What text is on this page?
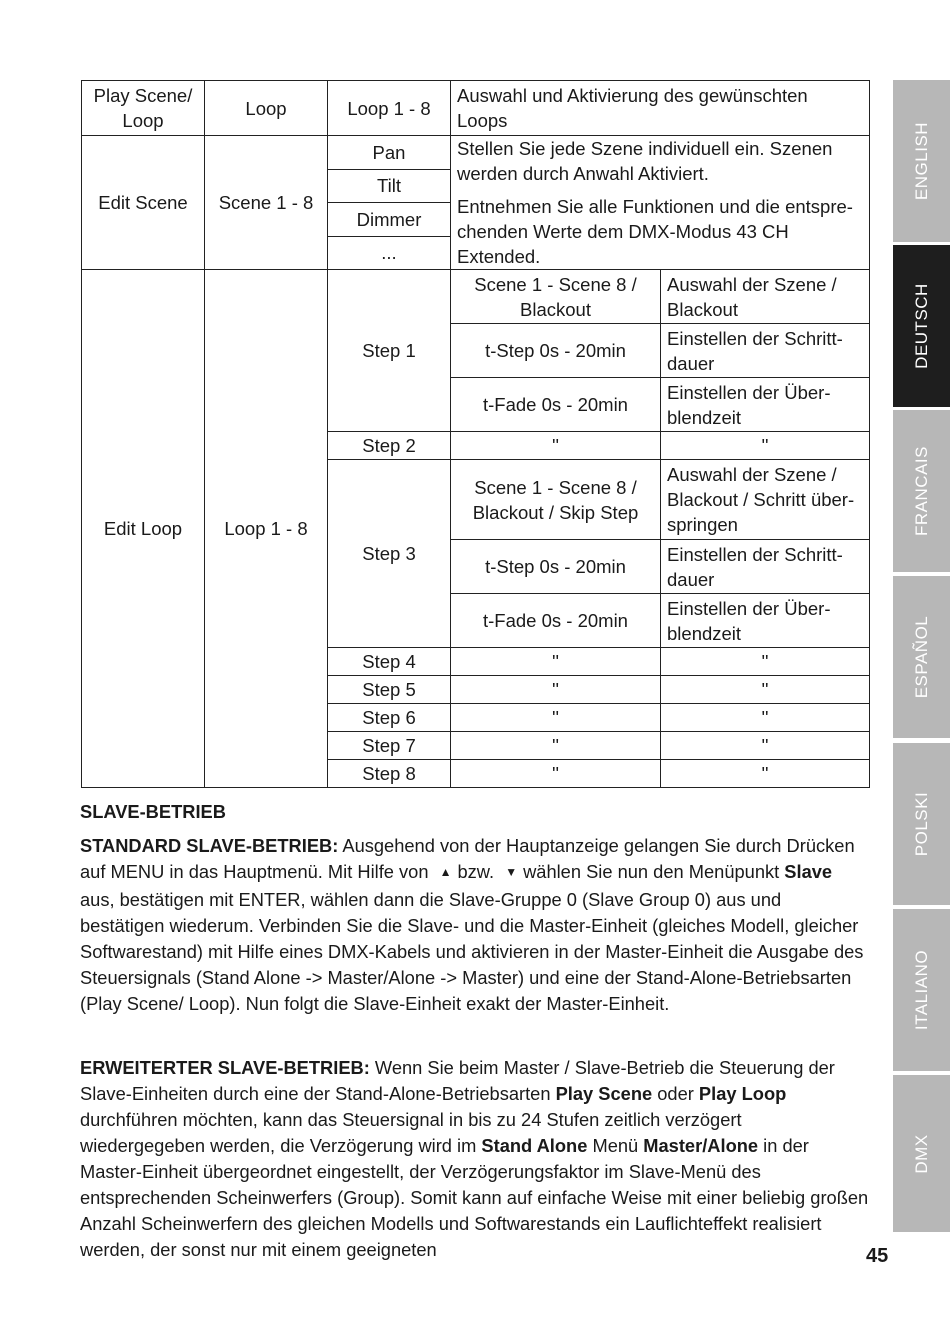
Play Scene/ Loop	Loop	Loop 1 - 8	Auswahl und Aktivierung des gewünschten Loops	
Edit Scene	Scene 1 - 8	Pan	Stellen Sie jede Szene individuell ein. Szenen werden durch Anwahl Aktiviert.
Entnehmen Sie alle Funktionen und die entsprechenden Werte dem DMX-Modus 43 CH Extended.	

		Tilt		
		Dimmer		
		...		
Edit Loop	Loop 1 - 8	Step 1	Scene 1 - Scene 8 / Blackout	Auswahl der Szene / Blackout
			t-Step 0s - 20min	Einstellen der Schrittdauer
			t-Fade 0s - 20min	Einstellen der Überblendzeit
		Step 2	''	''
		Step 3	Scene 1 - Scene 8 / Blackout / Skip Step	Auswahl der Szene / Blackout / Schritt überspringen
			t-Step 0s - 20min	Einstellen der Schrittdauer
			t-Fade 0s - 20min	Einstellen der Überblendzeit
		Step 4	''	''
		Step 5	''	''
		Step 6	''	''
		Step 7	''	''
		Step 8	''	''
SLAVE-BETRIEB

STANDARD SLAVE-BETRIEB: Ausgehend von der Hauptanzeige gelangen Sie durch Drücken auf MENU in das Hauptmenü. Mit Hilfe von ▲ bzw. ▼ wählen Sie nun den Menüpunkt Slave aus, bestätigen mit ENTER, wählen dann die Slave-Gruppe 0 (Slave Group 0) aus und bestätigen wiederum. Verbinden Sie die Slave- und die Master-Einheit (gleiches Modell, gleicher Softwarestand) mit Hilfe eines DMX-Kabels und aktivieren in der Master-Einheit die Ausgabe des Steuersignals (Stand Alone -> Master/Alone -> Master) und eine der Stand-Alone-Betriebsarten (Play Scene/ Loop). Nun folgt die Slave-Einheit exakt der Master-Einheit.

ERWEITERTER SLAVE-BETRIEB: Wenn Sie beim Master / Slave-Betrieb die Steuerung der Slave-Einheiten durch eine der Stand-Alone-Betriebsarten Play Scene oder Play Loop durchführen möchten, kann das Steuersignal in bis zu 24 Stufen zeitlich verzögert wiedergegeben werden, die Verzögerung wird im Stand Alone Menü Master/Alone in der Master-Einheit übergeordnet eingestellt, der Verzögerungsfaktor im Slave-Menü des entsprechenden Scheinwerfers (Group). Somit kann auf einfache Weise mit einer beliebig großen Anzahl Scheinwerfern des gleichen Modells und Softwarestands ein Lauflichteffekt realisiert werden, der sonst nur mit einem geeigneten

ENGLISH
DEUTSCH
FRANCAIS
ESPAÑOL
POLSKI
ITALIANO
DMX
45
